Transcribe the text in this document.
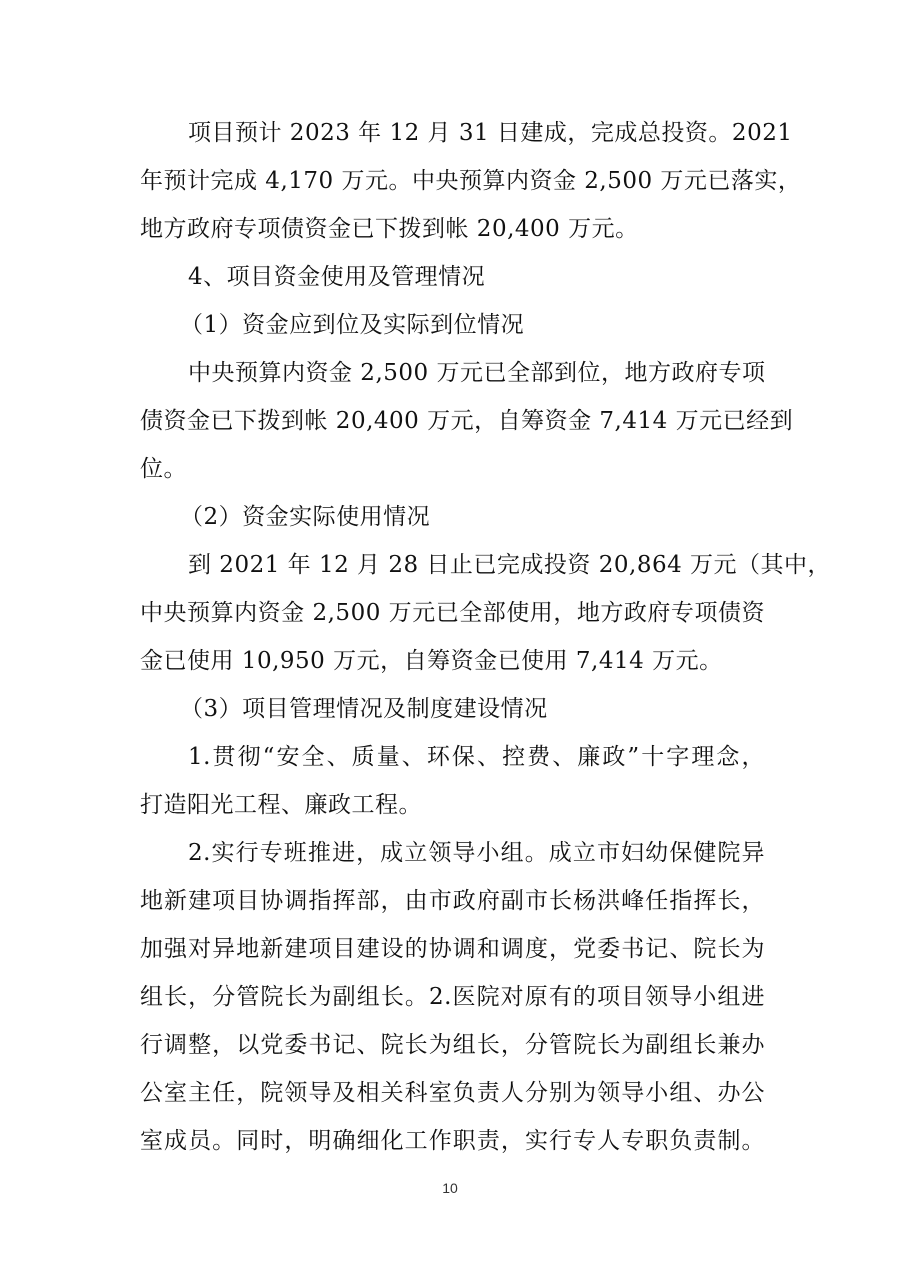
项目预计 2023 年 12 月 31 日建成，完成总投资。2021
年预计完成 4,170 万元。中央预算内资金 2,500 万元已落实，
地方政府专项债资金已下拨到帐 20,400 万元。
4、项目资金使用及管理情况
（1）资金应到位及实际到位情况
中央预算内资金 2,500 万元已全部到位，地方政府专项
债资金已下拨到帐 20,400 万元，自筹资金 7,414 万元已经到
位。
（2）资金实际使用情况
到 2021 年 12 月 28 日止已完成投资 20,864 万元（其中，
中央预算内资金 2,500 万元已全部使用，地方政府专项债资
金已使用 10,950 万元，自筹资金已使用 7,414 万元。
（3）项目管理情况及制度建设情况
1.贯彻“安全、质量、环保、控费、廉政”十字理念，
打造阳光工程、廉政工程。
2.实行专班推进，成立领导小组。成立市妇幼保健院异
地新建项目协调指挥部，由市政府副市长杨洪峰任指挥长，
加强对异地新建项目建设的协调和调度，党委书记、院长为
组长，分管院长为副组长。2.医院对原有的项目领导小组进
行调整，以党委书记、院长为组长，分管院长为副组长兼办
公室主任，院领导及相关科室负责人分别为领导小组、办公
室成员。同时，明确细化工作职责，实行专人专职负责制。
10
